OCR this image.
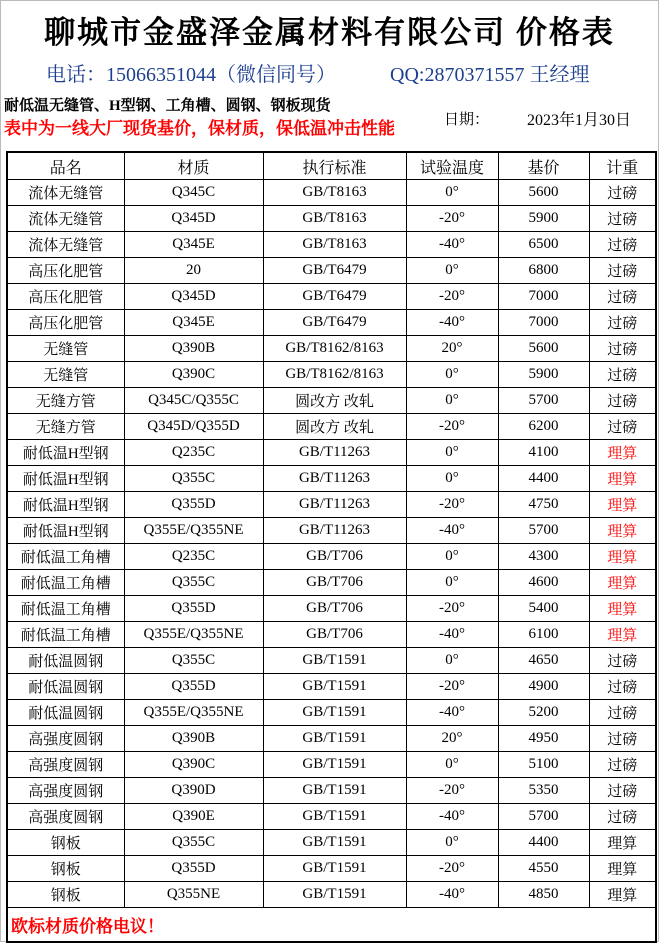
聊城市金盛泽金属材料有限公司 价格表
电话：15066351044（微信同号）	QQ:2870371557 王经理
耐低温无缝管、H型钢、工角槽、圆钢、钢板现货
表中为一线大厂现货基价，保材质，保低温冲击性能	日期： 2023年1月30日
品名	材质	执行标准	试验温度	基价	计重
流体无缝管	Q345C	GB/T8163	0°	5600	过磅
流体无缝管	Q345D	GB/T8163	-20°	5900	过磅
流体无缝管	Q345E	GB/T8163	-40°	6500	过磅
高压化肥管	20	GB/T6479	0°	6800	过磅
高压化肥管	Q345D	GB/T6479	-20°	7000	过磅
高压化肥管	Q345E	GB/T6479	-40°	7000	过磅
无缝管	Q390B	GB/T8162/8163	20°	5600	过磅
无缝管	Q390C	GB/T8162/8163	0°	5900	过磅
无缝方管	Q345C/Q355C	圆改方 改轧	0°	5700	过磅
无缝方管	Q345D/Q355D	圆改方 改轧	-20°	6200	过磅
耐低温H型钢	Q235C	GB/T11263	0°	4100	理算
耐低温H型钢	Q355C	GB/T11263	0°	4400	理算
耐低温H型钢	Q355D	GB/T11263	-20°	4750	理算
耐低温H型钢	Q355E/Q355NE	GB/T11263	-40°	5700	理算
耐低温工角槽	Q235C	GB/T706	0°	4300	理算
耐低温工角槽	Q355C	GB/T706	0°	4600	理算
耐低温工角槽	Q355D	GB/T706	-20°	5400	理算
耐低温工角槽	Q355E/Q355NE	GB/T706	-40°	6100	理算
耐低温圆钢	Q355C	GB/T1591	0°	4650	过磅
耐低温圆钢	Q355D	GB/T1591	-20°	4900	过磅
耐低温圆钢	Q355E/Q355NE	GB/T1591	-40°	5200	过磅
高强度圆钢	Q390B	GB/T1591	20°	4950	过磅
高强度圆钢	Q390C	GB/T1591	0°	5100	过磅
高强度圆钢	Q390D	GB/T1591	-20°	5350	过磅
高强度圆钢	Q390E	GB/T1591	-40°	5700	过磅
钢板	Q355C	GB/T1591	0°	4400	理算
钢板	Q355D	GB/T1591	-20°	4550	理算
钢板	Q355NE	GB/T1591	-40°	4850	理算
欧标材质价格电议！					
